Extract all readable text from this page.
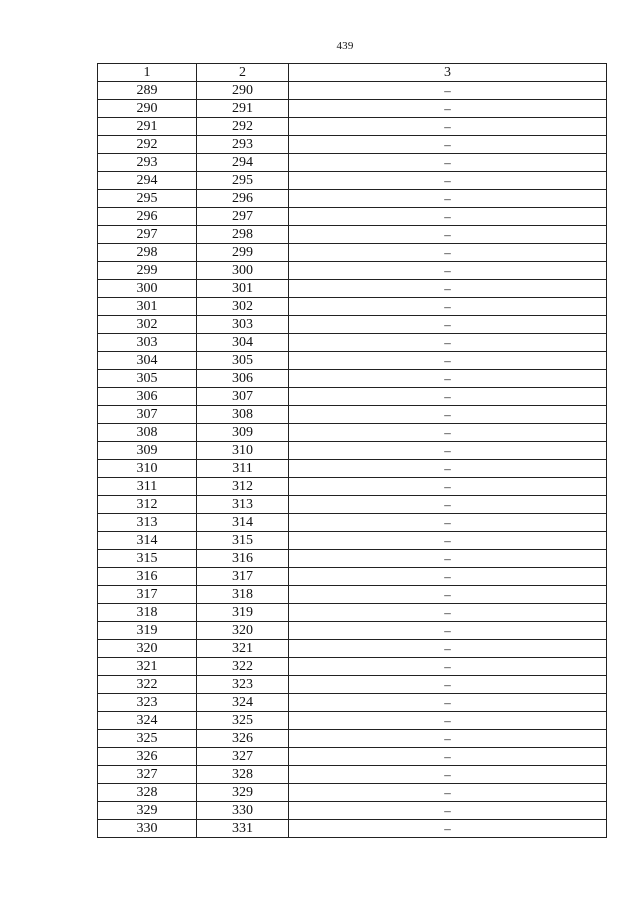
439
1	2	3
289	290	–
290	291	–
291	292	–
292	293	–
293	294	–
294	295	–
295	296	–
296	297	–
297	298	–
298	299	–
299	300	–
300	301	–
301	302	–
302	303	–
303	304	–
304	305	–
305	306	–
306	307	–
307	308	–
308	309	–
309	310	–
310	311	–
311	312	–
312	313	–
313	314	–
314	315	–
315	316	–
316	317	–
317	318	–
318	319	–
319	320	–
320	321	–
321	322	–
322	323	–
323	324	–
324	325	–
325	326	–
326	327	–
327	328	–
328	329	–
329	330	–
330	331	–
